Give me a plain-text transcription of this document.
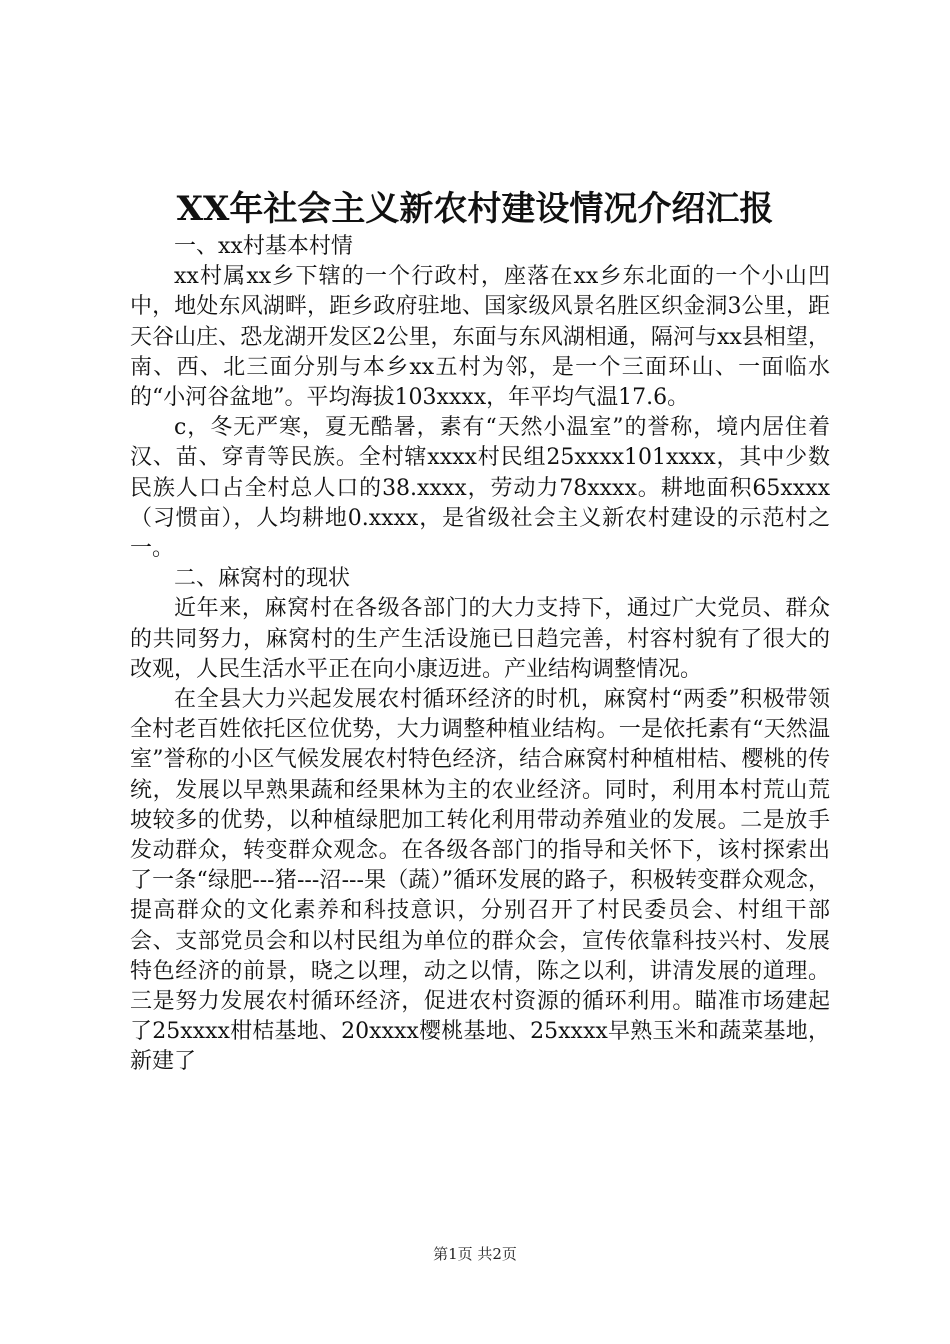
XX年社会主义新农村建设情况介绍汇报

一、xx村基本村情

xx村属xx乡下辖的一个行政村，座落在xx乡东北面的一个小山凹中，地处东风湖畔，距乡政府驻地、国家级风景名胜区织金洞3公里，距天谷山庄、恐龙湖开发区2公里，东面与东风湖相通，隔河与xx县相望，南、西、北三面分别与本乡xx五村为邻，是一个三面环山、一面临水的“小河谷盆地”。平均海拔103xxxx，年平均气温17.6。

c，冬无严寒，夏无酷暑，素有“天然小温室”的誉称，境内居住着汉、苗、穿青等民族。全村辖xxxx村民组25xxxx101xxxx，其中少数民族人口占全村总人口的38.xxxx，劳动力78xxxx。耕地面积65xxxx（习惯亩），人均耕地0.xxxx，是省级社会主义新农村建设的示范村之一。

二、麻窝村的现状

近年来，麻窝村在各级各部门的大力支持下，通过广大党员、群众的共同努力，麻窝村的生产生活设施已日趋完善，村容村貌有了很大的改观，人民生活水平正在向小康迈进。产业结构调整情况。

在全县大力兴起发展农村循环经济的时机，麻窝村“两委”积极带领全村老百姓依托区位优势，大力调整种植业结构。一是依托素有“天然温室”誉称的小区气候发展农村特色经济，结合麻窝村种植柑桔、樱桃的传统，发展以早熟果蔬和经果林为主的农业经济。同时，利用本村荒山荒坡较多的优势，以种植绿肥加工转化利用带动养殖业的发展。二是放手发动群众，转变群众观念。在各级各部门的指导和关怀下，该村探索出了一条“绿肥---猪---沼---果（蔬）”循环发展的路子，积极转变群众观念，提高群众的文化素养和科技意识，分别召开了村民委员会、村组干部会、支部党员会和以村民组为单位的群众会，宣传依靠科技兴村、发展特色经济的前景，晓之以理，动之以情，陈之以利，讲清发展的道理。三是努力发展农村循环经济，促进农村资源的循环利用。瞄准市场建起了25xxxx柑桔基地、20xxxx樱桃基地、25xxxx早熟玉米和蔬菜基地，新建了

第1页 共2页
